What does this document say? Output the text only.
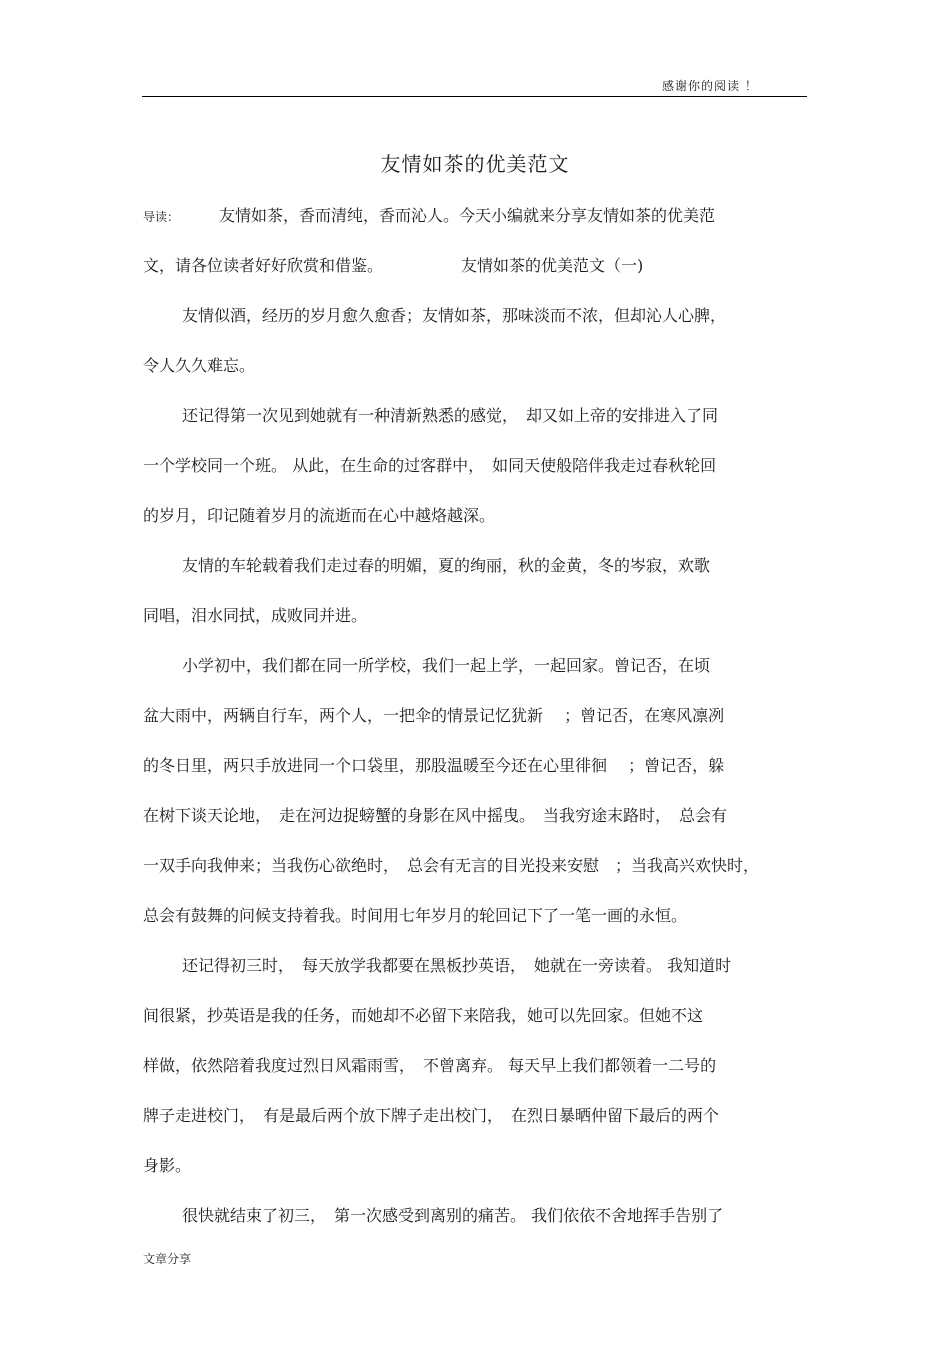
感谢你的阅读 ！
友情如茶的优美范文
导读：	友情如茶，香而清纯，香而沁人。今天小编就来分享友情如茶的优美范
文，请各位读者好好欣赏和借鉴。	友情如茶的优美范文（一)
友情似酒，经历的岁月愈久愈香；友情如茶，那味淡而不浓，但却沁人心脾，
令人久久难忘。
还记得第一次见到她就有一种清新熟悉的感觉，　却又如上帝的安排进入了同
一个学校同一个班。 从此，在生命的过客群中，　如同天使般陪伴我走过春秋轮回
的岁月，印记随着岁月的流逝而在心中越烙越深。
友情的车轮载着我们走过春的明媚，夏的绚丽，秋的金黄，冬的岑寂，欢歌
同唱，泪水同拭，成败同并进。
小学初中，我们都在同一所学校，我们一起上学，一起回家。曾记否，在顷
盆大雨中，两辆自行车，两个人，一把伞的情景记忆犹新　 ；曾记否，在寒风凛冽
的冬日里，两只手放进同一个口袋里，那股温暖至今还在心里徘徊　 ；曾记否，躲
在树下谈天论地，　走在河边捉螃蟹的身影在风中摇曳。　当我穷途末路时，　总会有
一双手向我伸来；当我伤心欲绝时，　总会有无言的目光投来安慰　；当我高兴欢快时，
总会有鼓舞的问候支持着我。时间用七年岁月的轮回记下了一笔一画的永恒。
还记得初三时，　每天放学我都要在黑板抄英语，　她就在一旁读着。 我知道时
间很紧，抄英语是我的任务，而她却不必留下来陪我，她可以先回家。但她不这
样做，依然陪着我度过烈日风霜雨雪，　不曾离弃。 每天早上我们都领着一二号的
牌子走进校门，　有是最后两个放下牌子走出校门，　在烈日暴晒仲留下最后的两个
身影。
很快就结束了初三，　第一次感受到离别的痛苦。 我们依依不舍地挥手告别了
文章分享
